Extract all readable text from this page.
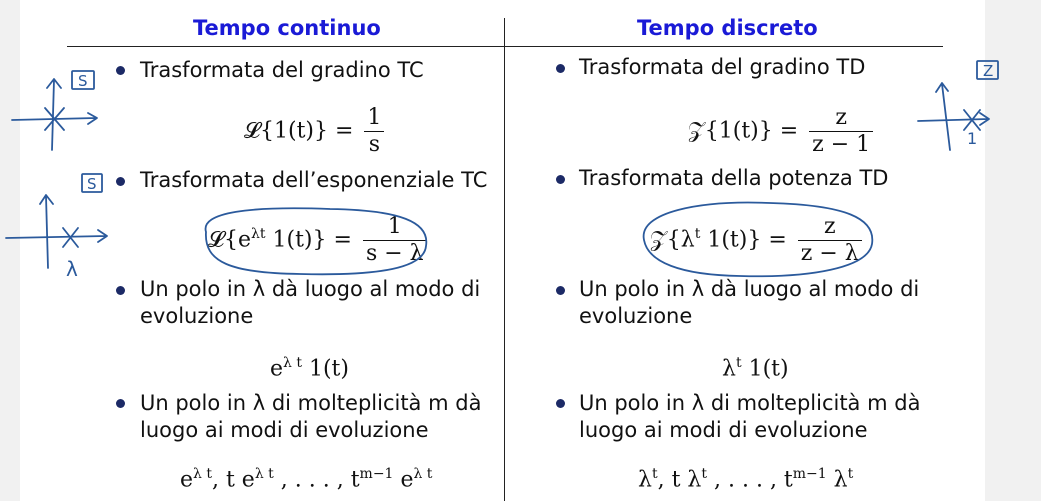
Tempo continuo	Tempo discreto
Trasformata del gradino TC
𝓛{1(t)} = $\frac{1}{s}$
Trasformata dell’esponenziale TC
$𝓛\{e^{\lambda t}$ $1(t)\} = \frac{1}{s - \lambda}$
Un polo in λ dà luogo al modo di
evoluzione
$e^{\lambda t}$ 1(t)
Un polo in λ di molteplicità m dà
luogo ai modi di evoluzione
$e^{\lambda t}$, t $e^{\lambda t}$ , . . . , $t^{m-1}$ $e^{\lambda t}$
Trasformata del gradino TD
𝒵{1(t)} = $\frac{z}{z - 1}$
Trasformata della potenza TD
$𝒵\{\lambda^t$ $1(t)\} = \frac{z}{z - \lambda}$
Un polo in λ dà luogo al modo di
evoluzione
$\lambda^t$ 1(t)
Un polo in λ di molteplicità m dà
luogo ai modi di evoluzione
$\lambda^t$, t $\lambda^t$ , . . . , $t^{m-1}$ $\lambda^t$
S
S
λ
Z
1
